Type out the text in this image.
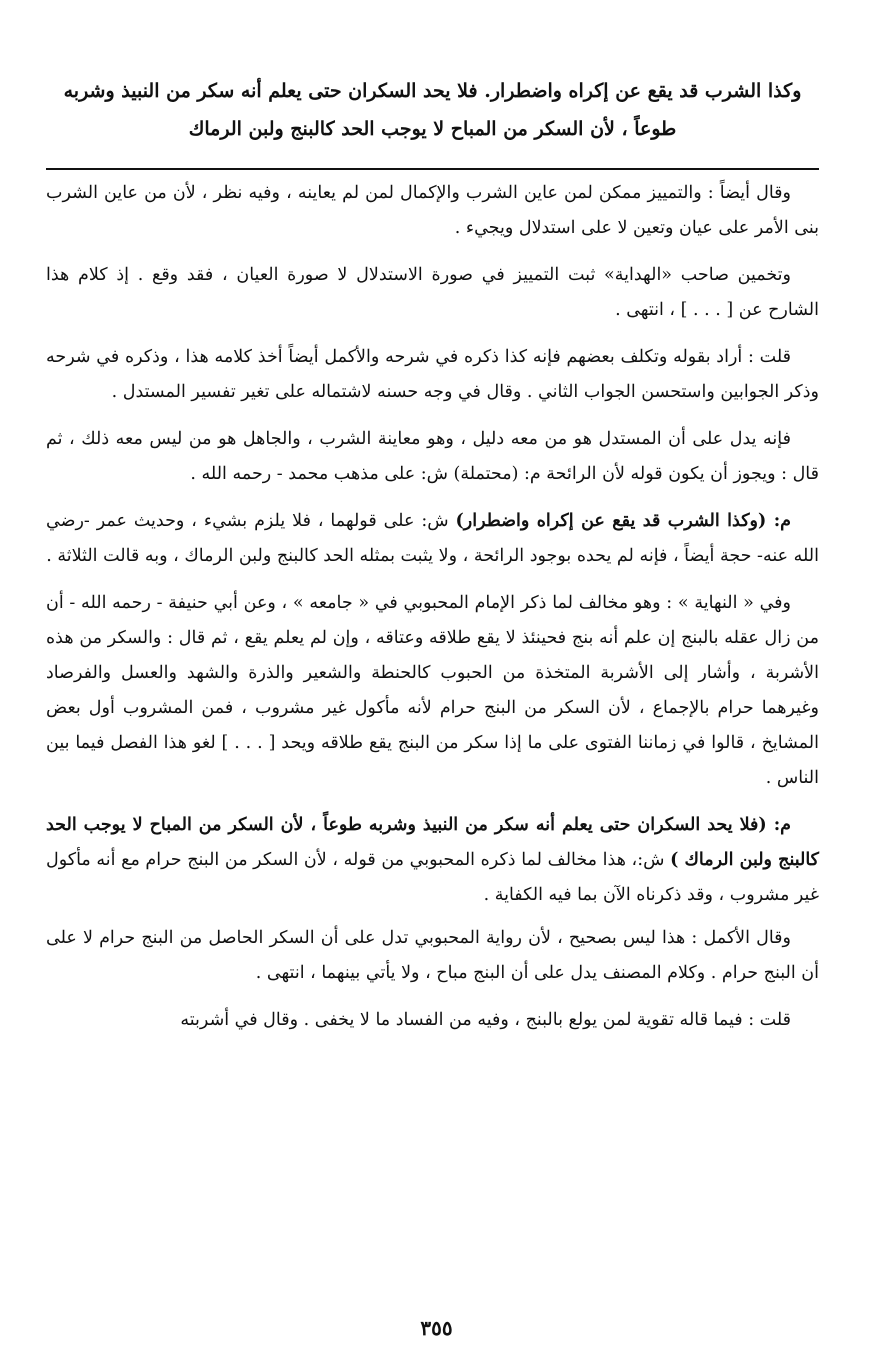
وكذا الشرب قد يقع عن إكراه واضطرار. فلا يحد السكران حتى يعلم أنه سكر من النبيذ وشربه
طوعاً ، لأن السكر من المباح لا يوجب الحد كالبنج ولبن الرماك

وقال أيضاً : والتمييز ممكن لمن عاين الشرب والإكمال لمن لم يعاينه ، وفيه نظر ، لأن من عاين الشرب بنى الأمر على عيان وتعين لا على استدلال ويجيء .

وتخمين صاحب «الهداية» ثبت التمييز في صورة الاستدلال لا صورة العيان ، فقد وقع . إذ كلام هذا الشارح عن [ . . . ] ، انتهى .

قلت : أراد بقوله وتكلف بعضهم فإنه كذا ذكره في شرحه والأكمل أيضاً أخذ كلامه هذا ، وذكره في شرحه وذكر الجوابين واستحسن الجواب الثاني . وقال في وجه حسنه لاشتماله على تغير تفسير المستدل .

فإنه يدل على أن المستدل هو من معه دليل ، وهو معاينة الشرب ، والجاهل هو من ليس معه ذلك ، ثم قال : ويجوز أن يكون قوله لأن الرائحة م: (محتملة) ش: على مذهب محمد - رحمه الله .

م: (وكذا الشرب قد يقع عن إكراه واضطرار) ش: على قولهما ، فلا يلزم بشيء ، وحديث عمر -رضي الله عنه- حجة أيضاً ، فإنه لم يحده بوجود الرائحة ، ولا يثبت بمثله الحد كالبنج ولبن الرماك ، وبه قالت الثلاثة .

وفي « النهاية » : وهو مخالف لما ذكر الإمام المحبوبي في « جامعه » ، وعن أبي حنيفة - رحمه الله - أن من زال عقله بالبنج إن علم أنه بنج فحينئذ لا يقع طلاقه وعتاقه ، وإن لم يعلم يقع ، ثم قال : والسكر من هذه الأشربة ، وأشار إلى الأشربة المتخذة من الحبوب كالحنطة والشعير والذرة والشهد والعسل والفرصاد وغيرهما حرام بالإجماع ، لأن السكر من البنج حرام لأنه مأكول غير مشروب ، فمن المشروب أول بعض المشايخ ، قالوا في زماننا الفتوى على ما إذا سكر من البنج يقع طلاقه ويحد [ . . . ] لغو هذا الفصل فيما بين الناس .

م: (فلا يحد السكران حتى يعلم أنه سكر من النبيذ وشربه طوعاً ، لأن السكر من المباح لا يوجب الحد كالبنج ولبن الرماك ) ش:، هذا مخالف لما ذكره المحبوبي من قوله ، لأن السكر من البنج حرام مع أنه مأكول غير مشروب ، وقد ذكرناه الآن بما فيه الكفاية .

وقال الأكمل : هذا ليس بصحيح ، لأن رواية المحبوبي تدل على أن السكر الحاصل من البنج حرام لا على أن البنج حرام . وكلام المصنف يدل على أن البنج مباح ، ولا يأتي بينهما ، انتهى .

قلت : فيما قاله تقوية لمن يولع بالبنج ، وفيه من الفساد ما لا يخفى . وقال في أشربته

٣٥٥
